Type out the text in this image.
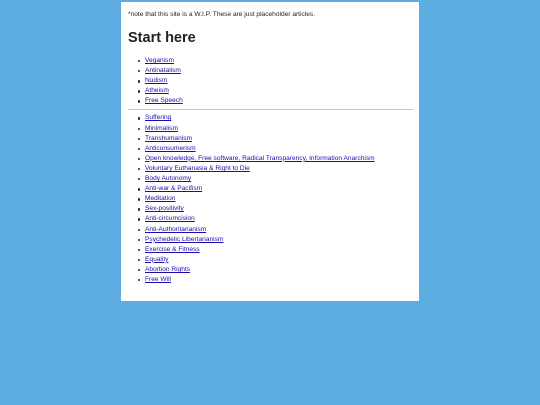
*note that this site is a W.I.P. These are just placeholder articles.

Start here
Veganism
Antinatalism
Nudism
Atheism
Free Speech
Suffering
Minimalism
Transhumanism
Anticonsumerism
Open knowledge, Free software, Radical Transparency, Information Anarchism
Voluntary Euthanasia & Right to Die
Body Autonomy
Anti-war & Pacifism
Meditation
Sex-positivity
Anti-circumcision
Anti-Authoritarianism
Psychedelic Libertarianism
Exercise & Fitness
Equality
Abortion Rights
Free Will
